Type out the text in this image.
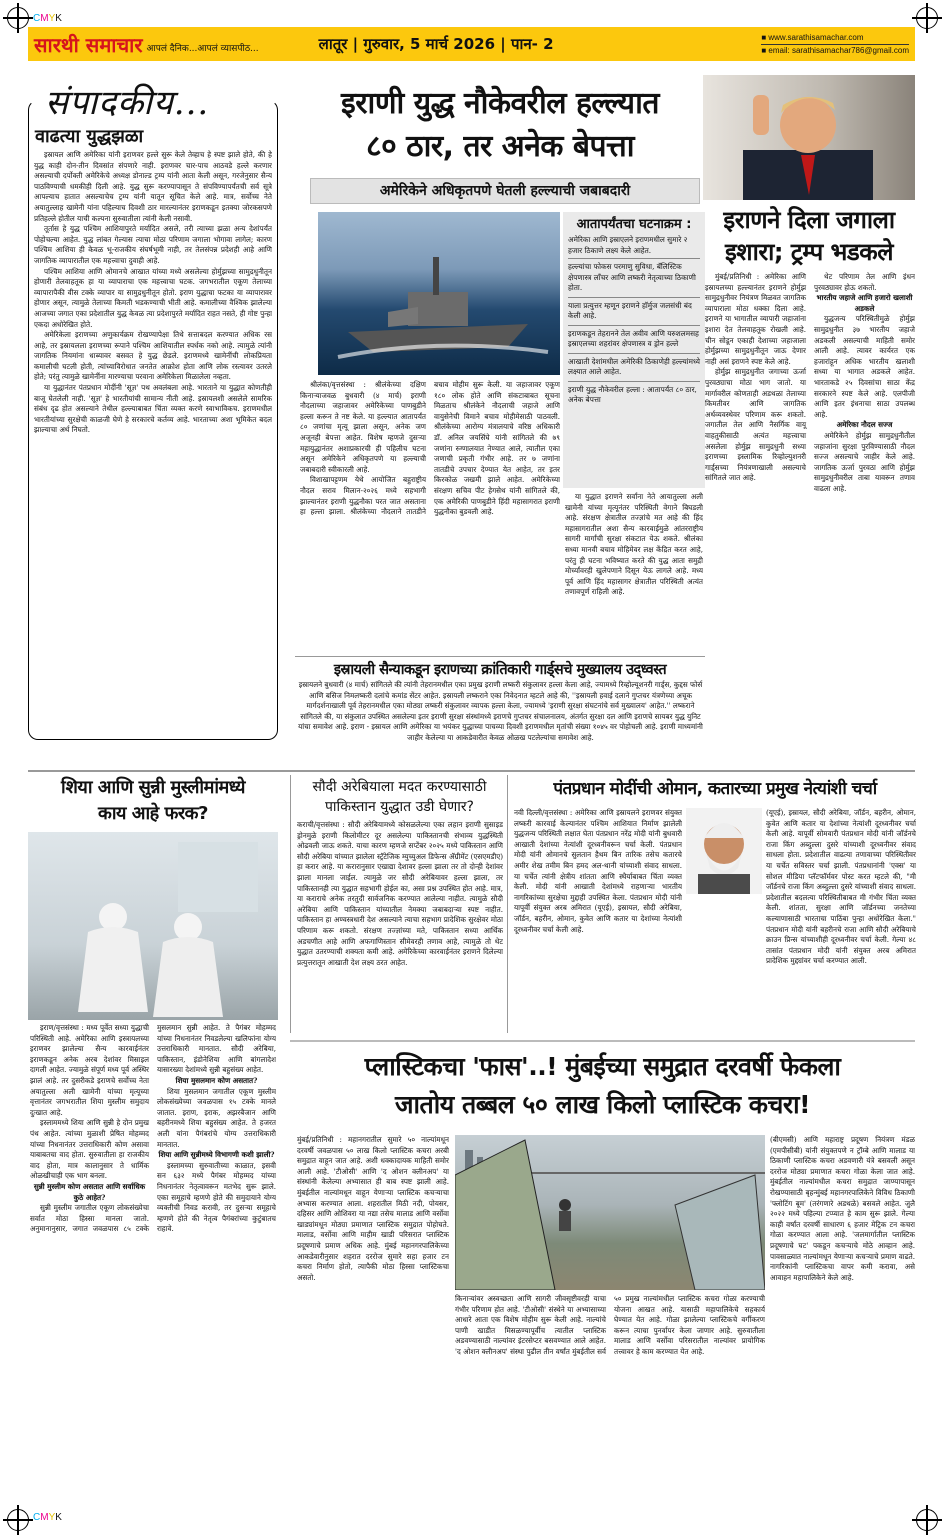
CMYK
CMYK
सारथी समाचार आपलं दैनिक...आपलं व्यासपीठ...	लातूर | गुरुवार, 5 मार्च 2026 | पान- 2	■ www.sarathisamachar.com
■ email: sarathisamachar786@gmail.com
संपादकीय...
वाढत्या युद्धझळा

इस्रायल आणि अमेरिका यांनी इराणवर हल्ले सुरू केले तेव्हाच हे स्पष्ट झाले होते, की हे युद्ध काही दोन-तीन दिवसांत संपणारे नाही. इराणवर चार-पाच आठवडे हल्ले करणार असल्याची दर्पोक्ती अमेरिकेचे अध्यक्ष डोनाल्ड ट्रम्प यांनी आता केली असून, गरजेनुसार सैन्य पाठविण्याची धमकीही दिली आहे. युद्ध सुरू करण्यापासून ते संपविण्यापर्यंतची सर्व सूत्रे आपल्याच हातात असल्याचेच ट्रम्प यांनी यातून सूचित केले आहे. मात्र, सर्वोच्च नेते अयातुल्लाह खामेनी यांना पहिल्याच दिवशी ठार मारल्यानंतर इराणकडून इतक्या जोरकसपणे प्रतिहल्ले होतील याची कल्पना सुरुवातीला त्यांनी केली नसावी.

तूर्तास हे युद्ध पश्चिम आशियापुरते मर्यादित असले, तरी त्याच्या झळा अन्य देशांपर्यंत पोहोचल्या आहेत. युद्ध लांबत गेल्यास त्याचा मोठा परिणाम जगाला भोगावा लागेल; कारण पश्चिम आशिया ही केवळ भू-राजकीय संघर्षभूमी नाही, तर तेलसंपन्न प्रदेशही आहे आणि जागतिक व्यापारातील एक महत्त्वाचा दुवाही आहे.

पश्चिम आशिया आणि ओमानचे आखात यांच्या मध्ये असलेल्या होर्मुझच्या सामुद्रधुनीतून होणारी तेलवाहतूक हा या व्यापाराचा एक महत्त्वाचा घटक. जगभरातील एकूण तेलाच्या व्यापारापैकी वीस टक्के व्यापार या सामुद्रधुनीतून होतो. इराण युद्धाचा फटका या व्यापारावर होणार असून, त्यामुळे तेलाच्या किमती भडकण्याची भीती आहे. कमालीच्या वैश्विक झालेल्या आजच्या जगात एका प्रदेशातील युद्ध केवळ त्या प्रदेशापुरते मर्यादित राहत नसते, ही गोष्ट पुन्हा एकदा अधोरेखित होते.

अमेरिकेला इराणच्या अणुकार्यक्रम रोखण्यापेक्षा तिथे सत्ताबदल करण्यात अधिक रस आहे, तर इस्रायलला इराणच्या रूपाने पश्चिम आशियातील स्पर्धक नको आहे. त्यामुळे त्यांनी जागतिक नियमांना धाब्यावर बसवत हे युद्ध छेडले. इराणमध्ये खामेनींची लोकप्रियता कमालीची घटली होती, त्यांच्याविरोधात जनतेत आक्रोश होता आणि लोक रस्त्यावर उतरले होते; परंतु त्यामुळे खामेनींना मारण्याचा परवाना अमेरिकेला मिळालेला नव्हता.

या युद्धानंतर पंतप्रधान मोदींनी 'सूज्ञ' पथ अवलंबला आहे. भारताने या युद्धात कोणतीही बाजू घेतलेली नाही. 'सूज्ञ' हे भारतीयांची सामान्य नीती आहे. इस्रायलशी असलेले सामरिक संबंध दृढ होत असल्याने तेथील हल्ल्याबाबत चिंता व्यक्त करणे स्वाभाविकच. इराणमधील भारतीयांच्या सुरक्षेची काळजी घेणे हे सरकारचे कर्तव्य आहे. भारताच्या अशा भूमिकेत बदल झाल्याचा अर्थ निघतो.

इराणी युद्ध नौकेवरील हल्ल्यात
८० ठार, तर अनेक बेपत्ता
अमेरिकेने अधिकृतपणे घेतली हल्ल्याची जबाबदारी
आतापर्यंतचा घटनाक्रम :
अमेरिका आणि इस्राएलने इराणमधील सुमारे २ हजार ठिकाणे लक्ष्य केले आहेत.
हल्ल्यांचा फोकस परमाणु सुविधा, बॅलिस्टिक क्षेपणास्त्र लाँचर आणि लष्करी नेतृत्वाच्या ठिकाणी होता.
याला प्रत्युत्तर म्हणून इराणने हॉर्मुज जलसंधी बंद केली आहे.
इराणकडून तेहरानने तेल अवीव आणि यरुशलमसह इस्राएलच्या शहरांवर क्षेपणास्त्र व ड्रोन हल्ले
आखाती देशांमधील अमेरिकी ठिकाणेही हल्ल्यांमध्ये लक्ष्यात आले आहेत.
इराणी युद्ध नौकेवरील हल्ला : आतापर्यंत ८० ठार, अनेक बेपत्ता

श्रीलंका/वृत्तसंस्था : श्रीलंकेच्या दक्षिण किनाऱ्याजवळ बुधवारी (४ मार्च) इराणी नौदलाच्या जहाजावर अमेरिकेच्या पाणबुडीने हल्ला करून ते नष्ट केले. या हल्ल्यात आतापर्यंत ८० जणांचा मृत्यू झाला असून, अनेक जण अजूनही बेपत्ता आहेत. विशेष म्हणजे दुसऱ्या महायुद्धानंतर अशाप्रकारची ही पहिलीच घटना असून अमेरिकेने अधिकृतपणे या हल्ल्याची जबाबदारी स्वीकारली आहे.

विशाखापट्टणम येथे आयोजित बहुराष्ट्रीय नौदल सराव मिलान-२०२६ मध्ये सहभागी झाल्यानंतर इराणी युद्धनौका परत जात असताना हा हल्ला झाला. श्रीलंकेच्या नौदलाने तातडीने बचाव मोहीम सुरू केली. या जहाजावर एकूण १८० लोक होते आणि संकटाबाबत सूचना मिळताच श्रीलंकेने नौदलाची जहाजे आणि वायुसेनेची विमाने बचाव मोहीमेसाठी पाठवली. श्रीलंकेच्या आरोग्य मंत्रालयाचे वरिष्ठ अधिकारी डॉ. अनिल जयसिंघे यांनी सांगितले की ७९ जणांना रुग्णालयात नेण्यात आले, त्यातील एका जणाची प्रकृती गंभीर आहे. तर ७ जणांना तातडीचे उपचार देण्यात येत आहेत, तर इतर किरकोळ जखमी झाले आहेत. अमेरिकेच्या संरक्षण सचिव पीट हेगसेथ यांनी सांगितले की, एक अमेरिकी पाणबुडीने हिंदी महासागरात इराणी युद्धनौका बुडवली आहे.

या युद्धात इराणने सर्वांना नेते आयातुल्ला अली खामेनी यांच्या मृत्यूनंतर परिस्थिती वेगाने बिघडली आहे. संरक्षण क्षेत्रातील तज्ज्ञांचे मत आहे की हिंद महासागरातील अशा सैन्य कारवाईमुळे आंतरराष्ट्रीय सागरी मार्गांची सुरक्षा संकटात येऊ शकते. श्रीलंका सध्या मानवी बचाव मोहिमेवर लक्ष केंद्रित करत आहे, परंतु ही घटना भविष्यात करते की युद्ध आता समुद्री मोर्च्यांवरही खुलेपणाने दिसून येऊ लागले आहे. मध्य पूर्व आणि हिंद महासागर क्षेत्रातील परिस्थिती अत्यंत तणावपूर्ण राहिली आहे.

इस्रायली सैन्याकडून इराणच्या क्रांतिकारी गार्ड्सचे मुख्यालय उद्ध्वस्त
इस्रायलने बुधवारी (४ मार्च) सांगितले की त्यांनी तेहरानमधील एका प्रमुख इराणी लष्करी संकुलावर हल्ला केला आहे, ज्यामध्ये रिव्होल्यूशनरी गार्ड्स, कुद्दस फोर्स आणि बसिज निमलष्करी दलांचे कमांड सेंटर आहेत. इस्रायली लष्कराने एका निवेदनात म्हटले आहे की, ''इस्रायली हवाई दलाने गुप्तचर यंत्रणेच्या अचूक मार्गदर्शनाखाली पूर्व तेहरानमधील एका मोठ्या लष्करी संकुलावर व्यापक हल्ला केला, ज्यामध्ये 'इराणी सुरक्षा संघटनांचे सर्व मुख्यालय' आहेत.'' लष्कराने सांगितले की, या संकुलात उपस्थित असलेल्या इतर इराणी सुरक्षा संस्थांमध्ये इराणचे गुप्तचर संचालनालय, अंतर्गत सुरक्षा दल आणि इराणचे सायबर युद्ध युनिट यांचा समावेश आहे. इराण - इस्रायल आणि अमेरिका या भयंकर युद्धाच्या पाचव्या दिवशी इराणमधील मृतांची संख्या १०४५ वर पोहोचली आहे. इराणी माध्यमांनी जाहीर केलेल्या या आकडेवारीत केवळ ओळख पटलेल्यांचा समावेश आहे.
इराणने दिला जगाला
इशारा; ट्रम्प भडकले

मुंबई/प्रतिनिधी : अमेरिका आणि इस्रायलच्या हल्ल्यानंतर इराणने होर्मुझ सामुद्रधुनीवर नियंत्रण मिळवत जागतिक व्यापाराला मोठा धक्का दिला आहे. इराणने या भागातील व्यापारी जहाजांना इशारा देत तेलवाहतूक रोखली आहे. चीन सोडून एकाही देशाच्या जहाजाला होर्मुझच्या सामुद्रधुनीतून जाऊ देणार नाही असं इराणने स्पष्ट केले आहे.

होर्मुझ सामुद्रधुनीत जगाच्या ऊर्जा पुरवठ्याचा मोठा भाग जातो. या मार्गावरील कोणताही अडथळा तेलाच्या किमतीवर आणि जागतिक अर्थव्यवस्थेवर परिणाम करू शकतो. जगातील तेल आणि नैसर्गिक वायू वाहतुकीसाठी अत्यंत महत्त्वाचा असलेला होर्मुझ सामुद्रधुनी सध्या इराणच्या इस्लामिक रिव्होल्युशनरी गार्ड्सच्या नियंत्रणाखाली असल्याचे सांगितले जात आहे.

थेट परिणाम तेल आणि इंधन पुरवठ्यावर होऊ शकतो.

भारतीय जहाजे आणि हजारो खलाशी अडकले

युद्धजन्य परिस्थितीमुळे होर्मुझ सामुद्रधुनीत ३७ भारतीय जहाजे अडकली असल्याची माहिती समोर आली आहे. त्यावर कार्यरत एक हजारांहून अधिक भारतीय खलाशी सध्या या भागात अडकले आहेत. भारताकडे २५ दिवसांचा साठा केंद्र सरकारने स्पष्ट केले आहे. एलपीजी आणि इतर इंधनाचा साठा उपलब्ध आहे.

अमेरिका नौदल सज्ज

अमेरिकेने होर्मुझ सामुद्रधुनीतील जहाजांना सुरक्षा पुरविण्यासाठी नौदल सज्ज असल्याचे जाहीर केले आहे. जागतिक ऊर्जा पुरवठा आणि होर्मुझ सामुद्रधुनीवरील ताबा यावरून तणाव वाढला आहे.

शिया आणि सुन्नी मुस्लीमांमध्ये
काय आहे फरक?

इराण/वृत्तसंस्था : मध्य पूर्वेत सध्या युद्धाची परिस्थिती आहे. अमेरिका आणि इस्त्रायलच्या इराणवर झालेल्या सैन्य कारवाईनंतर इराणकडून अनेक अरब देशांवर मिसाइल दागली आहेत. ज्यामुळे संपूर्ण मध्य पूर्व अस्थिर झालं आहे. तर दुसरीकडे इराणचे सर्वोच्च नेता अयातुल्ला अली खामेनी यांच्या मृत्यूच्या वृत्तानंतर जगभरातील शिया मुस्लीम समुदाय दुःखात आहे.

इस्लाममध्ये शिया आणि सुन्नी हे दोन प्रमुख पंथ आहेत. त्यांच्या मुळाशी प्रेषित मोहम्मद यांच्या निधनानंतर उत्तराधिकारी कोण असावा याबाबतचा वाद होता. सुरुवातीला हा राजकीय वाद होता, मात्र कालानुसार ते धार्मिक ओळखीचाही एक भाग बनला.

सुन्नी मुस्लीम कोण असतात आणि सर्वाधिक कुठे आहेत?

सुन्नी मुस्लीम जगातील एकूण लोकसंख्येचा सर्वात मोठा हिस्सा मानला जातो. अनुमानानुसार, जगात जवळपास ८५ टक्के मुसलमान सुन्नी आहेत. ते पैगंबर मोहम्मद यांच्या निधनानंतर निवडलेल्या खलिफांना योग्य उत्तराधिकारी मानतात. सौदी अरेबिया, पाकिस्तान, इंडोनेशिया आणि बांगलादेश यासारख्या देशांमध्ये सुन्नी बहुसंख्य आहेत.

शिया मुसलमान कोण असतात?

शिया मुसलमान जगातील एकूण मुस्लीम लोकसंख्येच्या जवळपास १५ टक्के मानले जातात. इराण, इराक, अझरबैजान आणि बहरीनमध्ये शिया बहुसंख्य आहेत. ते हजरत अली यांना पैगंबरांचे योग्य उत्तराधिकारी मानतात.

शिया आणि सुन्नीमध्ये विभागणी कशी झाली?

इस्लामच्या सुरुवातीच्या काळात, इसवी सन ६३२ मध्ये पैगंबर मोहम्मद यांच्या निधनानंतर नेतृत्वावरून मतभेद सुरू झाले. एका समूहाचे म्हणणे होते की समुदायाने योग्य व्यक्तीची निवड करावी, तर दुसऱ्या समूहाचे म्हणणे होते की नेतृत्व पैगंबरांच्या कुटुंबातच राहावे.

सौदी अरेबियाला मदत करण्यासाठी
पाकिस्तान युद्धात उडी घेणार?
कराची/वृत्तसंस्था : सौदी अरेबियामध्ये कोसळलेल्या एका लहान इराणी सुसाइड ड्रोनमुळे इराणी किलोमीटर दूर असलेल्या पाकिस्तानची संभाव्य युद्धस्थिती ओढवली जाऊ शकते. याचा कारण म्हणजे सप्टेंबर २०२५ मध्ये पाकिस्तान आणि सौदी अरेबिया यांच्यात झालेला स्ट्रॅटेजिक म्युच्युअल डिफेन्स ॲग्रीमेंट (एसएमडीए) हा करार आहे. या करारानुसार एखाद्या देशावर हल्ला झाला तर तो दोन्ही देशांवर झाला मानला जाईल. त्यामुळे जर सौदी अरेबियावर हल्ला झाला, तर पाकिस्तानही त्या युद्धात सहभागी होईल का, असा प्रश्न उपस्थित होत आहे. मात्र, या कराराचे अनेक तरतुदी सार्वजनिक करण्यात आलेल्या नाहीत. त्यामुळे सौदी अरेबिया आणि पाकिस्तान यांच्यातील नेमक्या जबाबदाऱ्या स्पष्ट नाहीत. पाकिस्तान हा अण्वस्त्रधारी देश असल्याने त्याचा सहभाग प्रादेशिक सुरक्षेवर मोठा परिणाम करू शकतो. संरक्षण तज्ज्ञांच्या मते, पाकिस्तान सध्या आर्थिक अडचणीत आहे आणि अफगाणिस्तान सीमेवरही तणाव आहे, त्यामुळे तो थेट युद्धात उतरण्याची शक्यता कमी आहे. अमेरिकेच्या कारवाईनंतर इराणने दिलेल्या प्रत्युत्तरातून आखाती देश लक्ष्य ठरत आहेत.
पंतप्रधान मोदींची ओमान, कतारच्या प्रमुख नेत्यांशी चर्चा
नवी दिल्ली/वृत्तसंस्था : अमेरिका आणि इस्रायलने इराणवर संयुक्त लष्करी कारवाई केल्यानंतर पश्चिम आशियात निर्माण झालेली युद्धजन्य परिस्थिती लक्षात घेता पंतप्रधान नरेंद्र मोदी यांनी बुधवारी आखाती देशांच्या नेत्यांशी दूरध्वनीवरून चर्चा केली. पंतप्रधान मोदी यांनी ओमानचे सुलतान हैथम बिन तारिक तसेच कतारचे अमीर शेख तमीम बिन हमद अल-थानी यांच्याशी संवाद साधला. या चर्चेत त्यांनी क्षेत्रीय शांतता आणि स्थैर्याबाबत चिंता व्यक्त केली. मोदी यांनी आखाती देशांमध्ये राहणाऱ्या भारतीय नागरिकांच्या सुरक्षेचा मुद्दाही उपस्थित केला. पंतप्रधान मोदी यांनी यापूर्वी संयुक्त अरब अमिरात (यूएई), इस्रायल, सौदी अरेबिया, जॉर्डन, बहरीन, ओमान, कुवेत आणि कतार या देशांच्या नेत्यांशी दूरध्वनीवर चर्चा केली आहे.
(यूएई), इस्रायल, सौदी अरेबिया, जॉर्डन, बहरीन, ओमान, कुवेत आणि कतार या देशांच्या नेत्यांशी दूरध्वनीवर चर्चा केली आहे. यापूर्वी सोमवारी पंतप्रधान मोदी यांनी जॉर्डनचे राजा किंग अब्दुल्ला दुसरे यांच्याशी दूरध्वनीवर संवाद साधला होता. प्रदेशातील वाढत्या तणावाच्या परिस्थितीवर या चर्चेत सविस्तर चर्चा झाली. पंतप्रधानांनी 'एक्स' या सोशल मीडिया प्लॅटफॉर्मवर पोस्ट करत म्हटले की, "मी जॉर्डनचे राजा किंग अब्दुल्ला दुसरे यांच्याशी संवाद साधला. प्रदेशातील बदलत्या परिस्थितीबाबत मी गंभीर चिंता व्यक्त केली. शांतता, सुरक्षा आणि जॉर्डनच्या जनतेच्या कल्याणासाठी भारताचा पाठिंबा पुन्हा अधोरेखित केला." पंतप्रधान मोदी यांनी बहरीनचे राजा आणि सौदी अरेबियाचे क्राउन प्रिन्स यांच्याशीही दूरध्वनीवर चर्चा केली. गेल्या ४८ तासांत पंतप्रधान मोदी यांनी संयुक्त अरब अमिरात प्रादेशिक मुद्द्यांवर चर्चा करण्यात आली.
प्लास्टिकचा 'फास'..! मुंबईच्या समुद्रात दरवर्षी फेकला
जातोय तब्बल ५० लाख किलो प्लास्टिक कचरा!
मुंबई/प्रतिनिधी : महानगरातील सुमारे ५० नाल्यांमधून दरवर्षी जवळपास ५० लाख किलो प्लास्टिक कचरा अरबी समुद्रात वाहून जात आहे. अशी धक्कादायक माहिती समोर आली आहे. 'टीओसी' आणि 'द ओशन क्लीनअप' या संस्थांनी केलेल्या अभ्यासात ही बाब स्पष्ट झाली आहे. मुंबईतील नाल्यांमधून वाहून येणाऱ्या प्लास्टिक कचऱ्याचा अभ्यास करण्यात आला. शहरातील मिठी नदी, पोयसर, दहिसर आणि ओशिवरा या नद्या तसेच मालाड आणि वर्सोवा खाड्यांमधून मोठ्या प्रमाणात प्लास्टिक समुद्रात पोहोचते. मालाड, वर्सोवा आणि माहीम खाडी परिसरात प्लास्टिक प्रदूषणाचे प्रमाण अधिक आहे. मुंबई महानगरपालिकेच्या आकडेवारीनुसार शहरात दररोज सुमारे सहा हजार टन कचरा निर्माण होतो, त्यापैकी मोठा हिस्सा प्लास्टिकचा असतो.
किनाऱ्यांवर अस्वच्छता आणि सागरी जीवसृष्टीवरही याचा गंभीर परिणाम होत आहे. 'टीओसी' संस्थेने या अभ्यासाच्या आधारे आता एक विशेष मोहीम सुरू केली आहे. नाल्यांचे पाणी खाडीत मिसळण्यापूर्वीच त्यातील प्लास्टिक अडवण्यासाठी नाल्यांवर इंटरसेप्टर बसवण्यात आले आहेत. 'द ओशन क्लीनअप' संस्था पुढील तीन वर्षांत मुंबईतील सर्व ५० प्रमुख नाल्यांमधील प्लास्टिक कचरा गोळा करण्याची योजना आखत आहे. यासाठी महापालिकेचे सहकार्य घेण्यात येत आहे. गोळा झालेल्या प्लास्टिकचे वर्गीकरण करून त्याचा पुनर्वापर केला जाणार आहे. सुरुवातीला मालाड आणि वर्सोवा परिसरातील नाल्यांवर प्रायोगिक तत्त्वावर हे काम करण्यात येत आहे.
(बीएमसी) आणि महाराष्ट्र प्रदूषण नियंत्रण मंडळ (एमपीसीबी) यांनी संयुक्तपणे न ट्रॉम्बे आणि मालाड या ठिकाणी प्लास्टिक कचरा अडवणारी यंत्रे बसवली असून दररोज मोठ्या प्रमाणात कचरा गोळा केला जात आहे. मुंबईतील नाल्यांमधील कचरा समुद्रात जाण्यापासून रोखण्यासाठी बृहन्मुंबई महानगरपालिकेने विविध ठिकाणी 'फ्लोटिंग बूम' (तरंगणारे अडथळे) बसवले आहेत. जुलै २०२२ मध्ये पहिल्या टप्प्यात हे काम सुरू झाले. गेल्या काही वर्षांत दरवर्षी साधारण ६ हजार मेट्रिक टन कचरा गोळा करण्यात आला आहे. 'जलमार्गातील प्लास्टिक प्रदूषणाचे घट' पकडून कचऱ्याचे मोठे आव्हान आहे. पावसाळ्यात नाल्यांमधून येणाऱ्या कचऱ्याचे प्रमाण वाढते. नागरिकांनी प्लास्टिकचा वापर कमी करावा, असे आवाहन महापालिकेने केले आहे.
